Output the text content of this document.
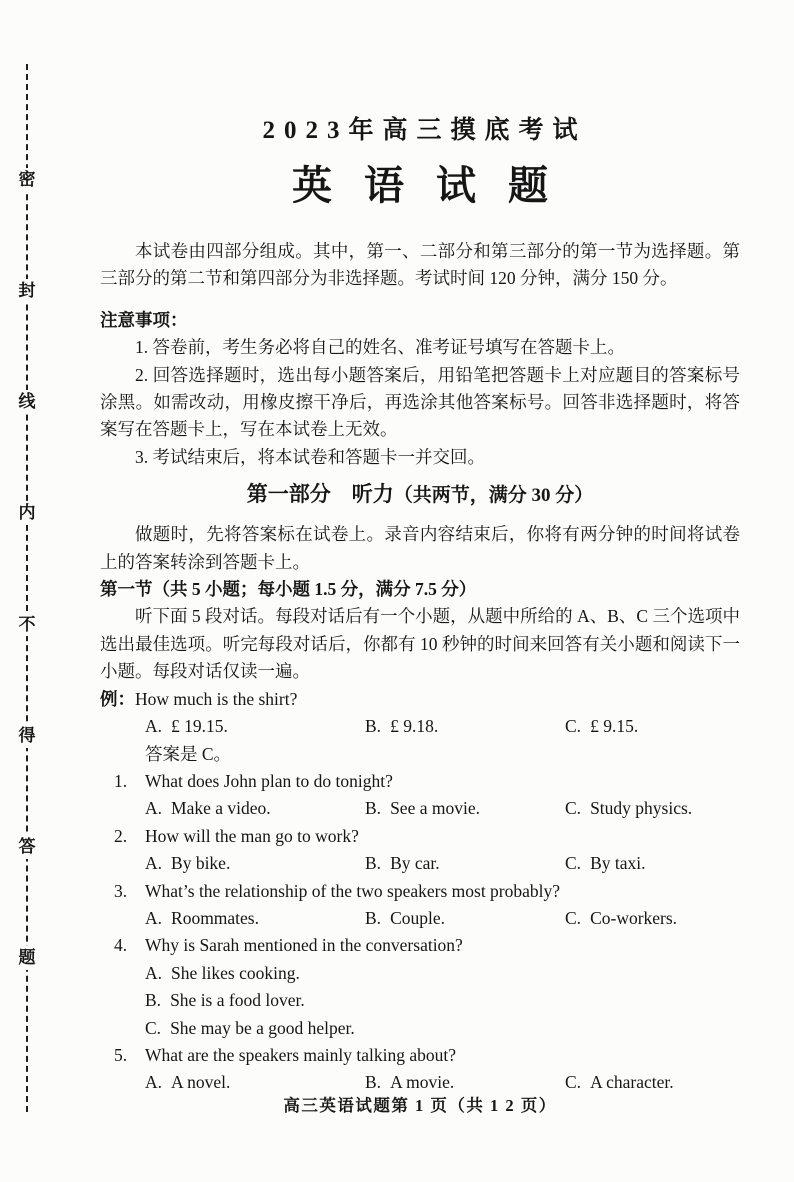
密
封
线
内
不
得
答
题
2023年高三摸底考试
英语试题
本试卷由四部分组成。其中，第一、二部分和第三部分的第一节为选择题。第三部分的第二节和第四部分为非选择题。考试时间 120 分钟，满分 150 分。
注意事项：
1. 答卷前，考生务必将自己的姓名、准考证号填写在答题卡上。
2. 回答选择题时，选出每小题答案后，用铅笔把答题卡上对应题目的答案标号涂黑。如需改动，用橡皮擦干净后，再选涂其他答案标号。回答非选择题时，将答案写在答题卡上，写在本试卷上无效。
3. 考试结束后，将本试卷和答题卡一并交回。
第一部分　听力（共两节，满分 30 分）
做题时，先将答案标在试卷上。录音内容结束后，你将有两分钟的时间将试卷上的答案转涂到答题卡上。
第一节（共 5 小题；每小题 1.5 分，满分 7.5 分）
听下面 5 段对话。每段对话后有一个小题，从题中所给的 A、B、C 三个选项中选出最佳选项。听完每段对话后，你都有 10 秒钟的时间来回答有关小题和阅读下一小题。每段对话仅读一遍。
例：How much is the shirt?
A. £ 19.15.	B. £ 9.18.	C. £ 9.15.
答案是 C。
1. What does John plan to do tonight?
A. Make a video.	B. See a movie.	C. Study physics.
2. How will the man go to work?
A. By bike.	B. By car.	C. By taxi.
3. What’s the relationship of the two speakers most probably?
A. Roommates.	B. Couple.	C. Co-workers.
4. Why is Sarah mentioned in the conversation?
A. She likes cooking.
B. She is a food lover.
C. She may be a good helper.
5. What are the speakers mainly talking about?
A. A novel.	B. A movie.	C. A character.
高三英语试题第 1 页（共 1 2 页）
